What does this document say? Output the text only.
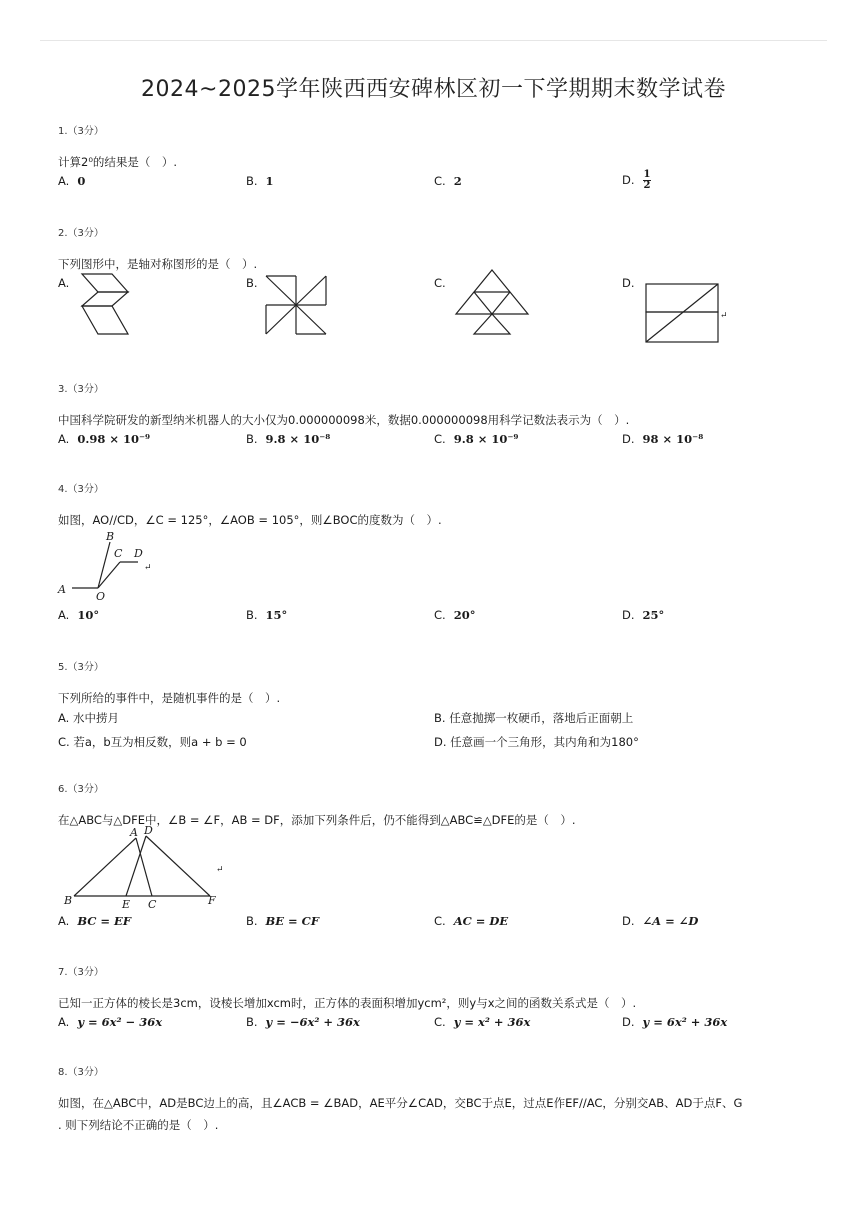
2024~2025学年陕西西安碑林区初一下学期期末数学试卷
1.（3分）
计算2⁰的结果是（　）.
A. 0	B. 1	C. 2	D. $\frac{1}{2}$
2.（3分）
下列图形中，是轴对称图形的是（　）.
A.	B.	C.	D.
↵
3.（3分）
中国科学院研发的新型纳米机器人的大小仅为0.000000098米，数据0.000000098用科学记数法表示为（　）.
A. 0.98 × 10⁻⁹	B. 9.8 × 10⁻⁸	C. 9.8 × 10⁻⁹	D. 98 × 10⁻⁸
4.（3分）
如图，AO//CD，∠C = 125°，∠AOB = 105°，则∠BOC的度数为（　）.
A
O
B
C D
↵
A. 10°	B. 15°	C. 20°	D. 25°
5.（3分）
下列所给的事件中，是随机事件的是（　）.
A. 水中捞月	B. 任意抛掷一枚硬币，落地后正面朝上
C. 若a，b互为相反数，则a + b = 0	D. 任意画一个三角形，其内角和为180°
6.（3分）
在△ABC与△DFE中，∠B = ∠F，AB = DF，添加下列条件后，仍不能得到△ABC≌△DFE的是（　）.
A D
B	E C	F
↵
A. BC = EF	B. BE = CF	C. AC = DE	D. ∠A = ∠D
7.（3分）
已知一正方体的棱长是3cm，设棱长增加xcm时，正方体的表面积增加ycm²，则y与x之间的函数关系式是（　）.
A. y = 6x² − 36x	B. y = −6x² + 36x	C. y = x² + 36x	D. y = 6x² + 36x
8.（3分）
如图，在△ABC中，AD是BC边上的高，且∠ACB = ∠BAD，AE平分∠CAD，交BC于点E，过点E作EF//AC，分别交AB、AD于点F、G
. 则下列结论不正确的是（　）.
